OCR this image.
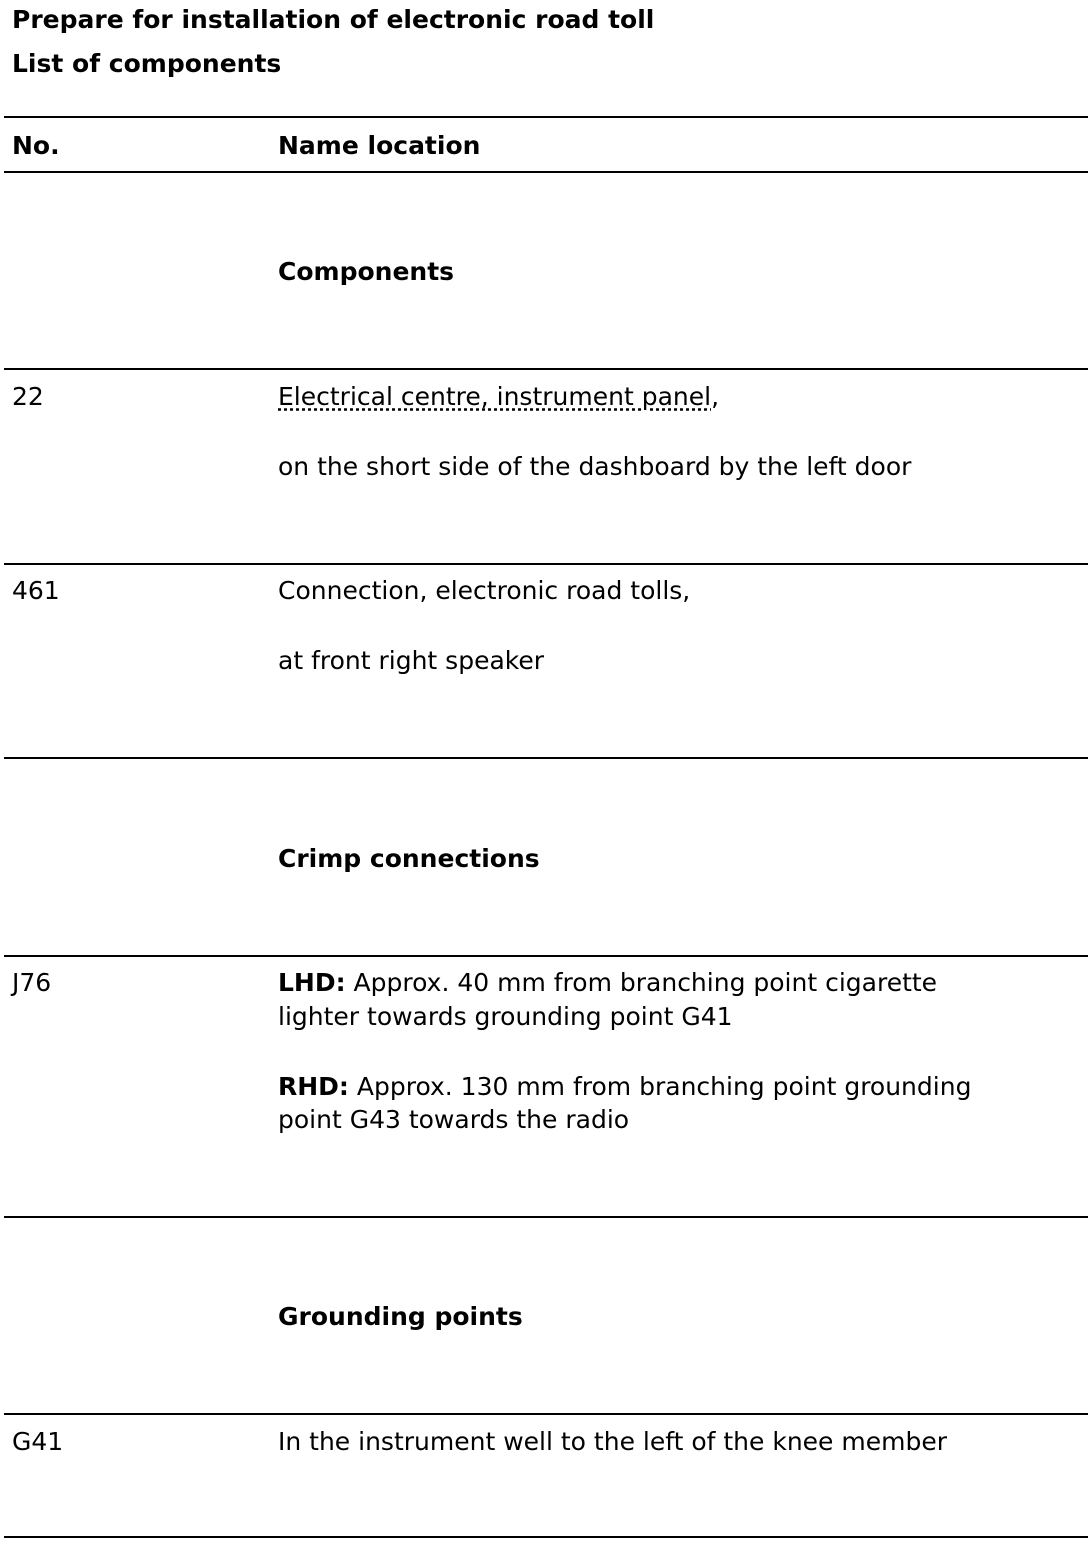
Prepare for installation of electronic road toll
List of components
No.	Name location
Components
22	Electrical centre, instrument panel,
on the short side of the dashboard by the left door
461	Connection, electronic road tolls,
at front right speaker
Crimp connections
J76	LHD: Approx. 40 mm from branching point cigarette
lighter towards grounding point G41
RHD: Approx. 130 mm from branching point grounding
point G43 towards the radio
Grounding points
G41	In the instrument well to the left of the knee member
